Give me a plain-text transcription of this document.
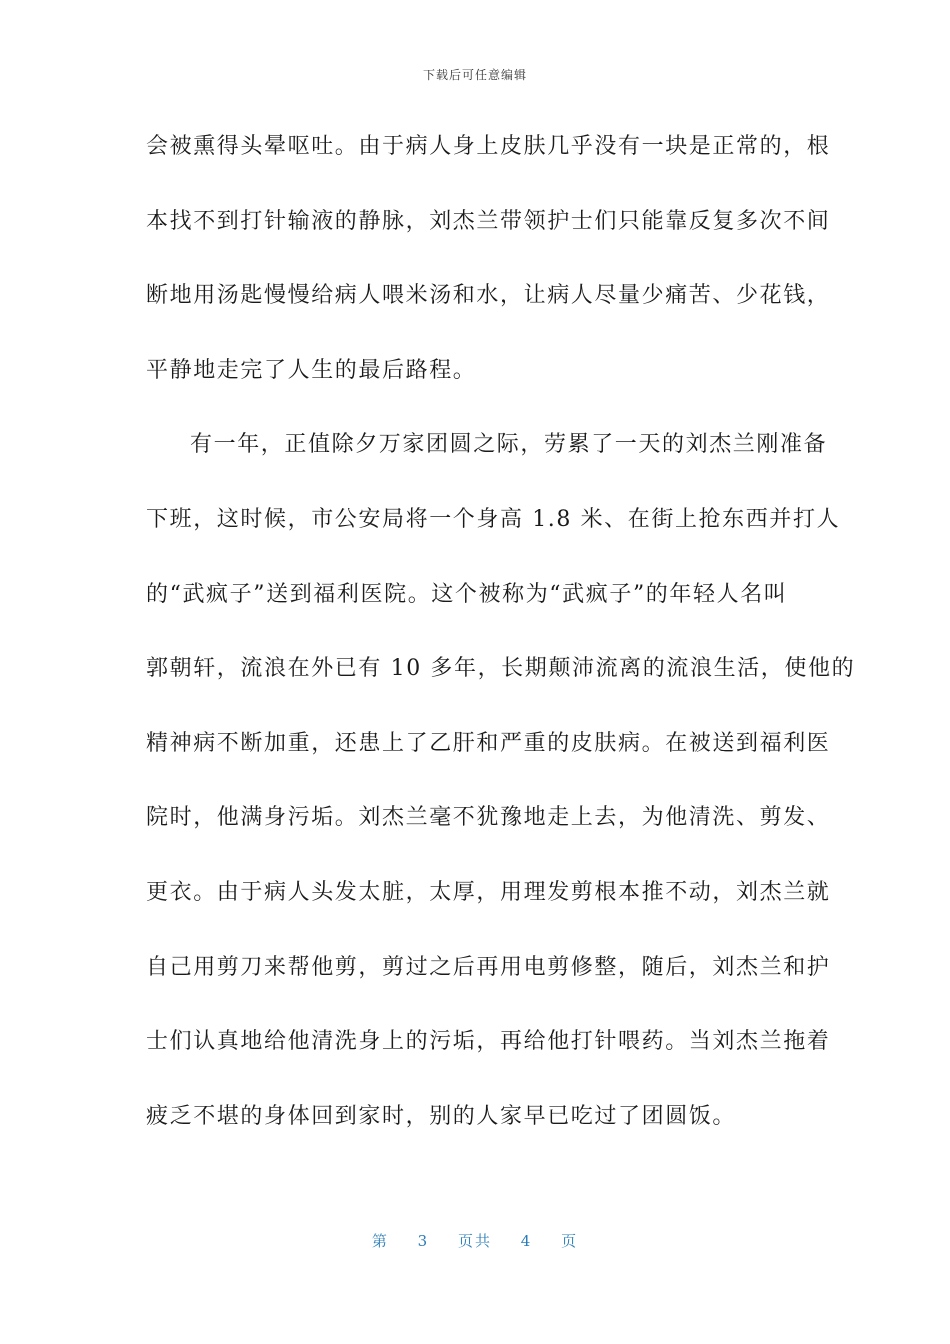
下载后可任意编辑
会被熏得头晕呕吐。由于病人身上皮肤几乎没有一块是正常的，根
本找不到打针输液的静脉，刘杰兰带领护士们只能靠反复多次不间
断地用汤匙慢慢给病人喂米汤和水，让病人尽量少痛苦、少花钱，
平静地走完了人生的最后路程。
有一年，正值除夕万家团圆之际，劳累了一天的刘杰兰刚准备
下班，这时候，市公安局将一个身高 1.8 米、在街上抢东西并打人
的“武疯子”送到福利医院。这个被称为“武疯子”的年轻人名叫
郭朝轩，流浪在外已有 10 多年，长期颠沛流离的流浪生活，使他的
精神病不断加重，还患上了乙肝和严重的皮肤病。在被送到福利医
院时，他满身污垢。刘杰兰毫不犹豫地走上去，为他清洗、剪发、
更衣。由于病人头发太脏，太厚，用理发剪根本推不动，刘杰兰就
自己用剪刀来帮他剪，剪过之后再用电剪修整，随后，刘杰兰和护
士们认真地给他清洗身上的污垢，再给他打针喂药。当刘杰兰拖着
疲乏不堪的身体回到家时，别的人家早已吃过了团圆饭。
第 3 页共 4 页
